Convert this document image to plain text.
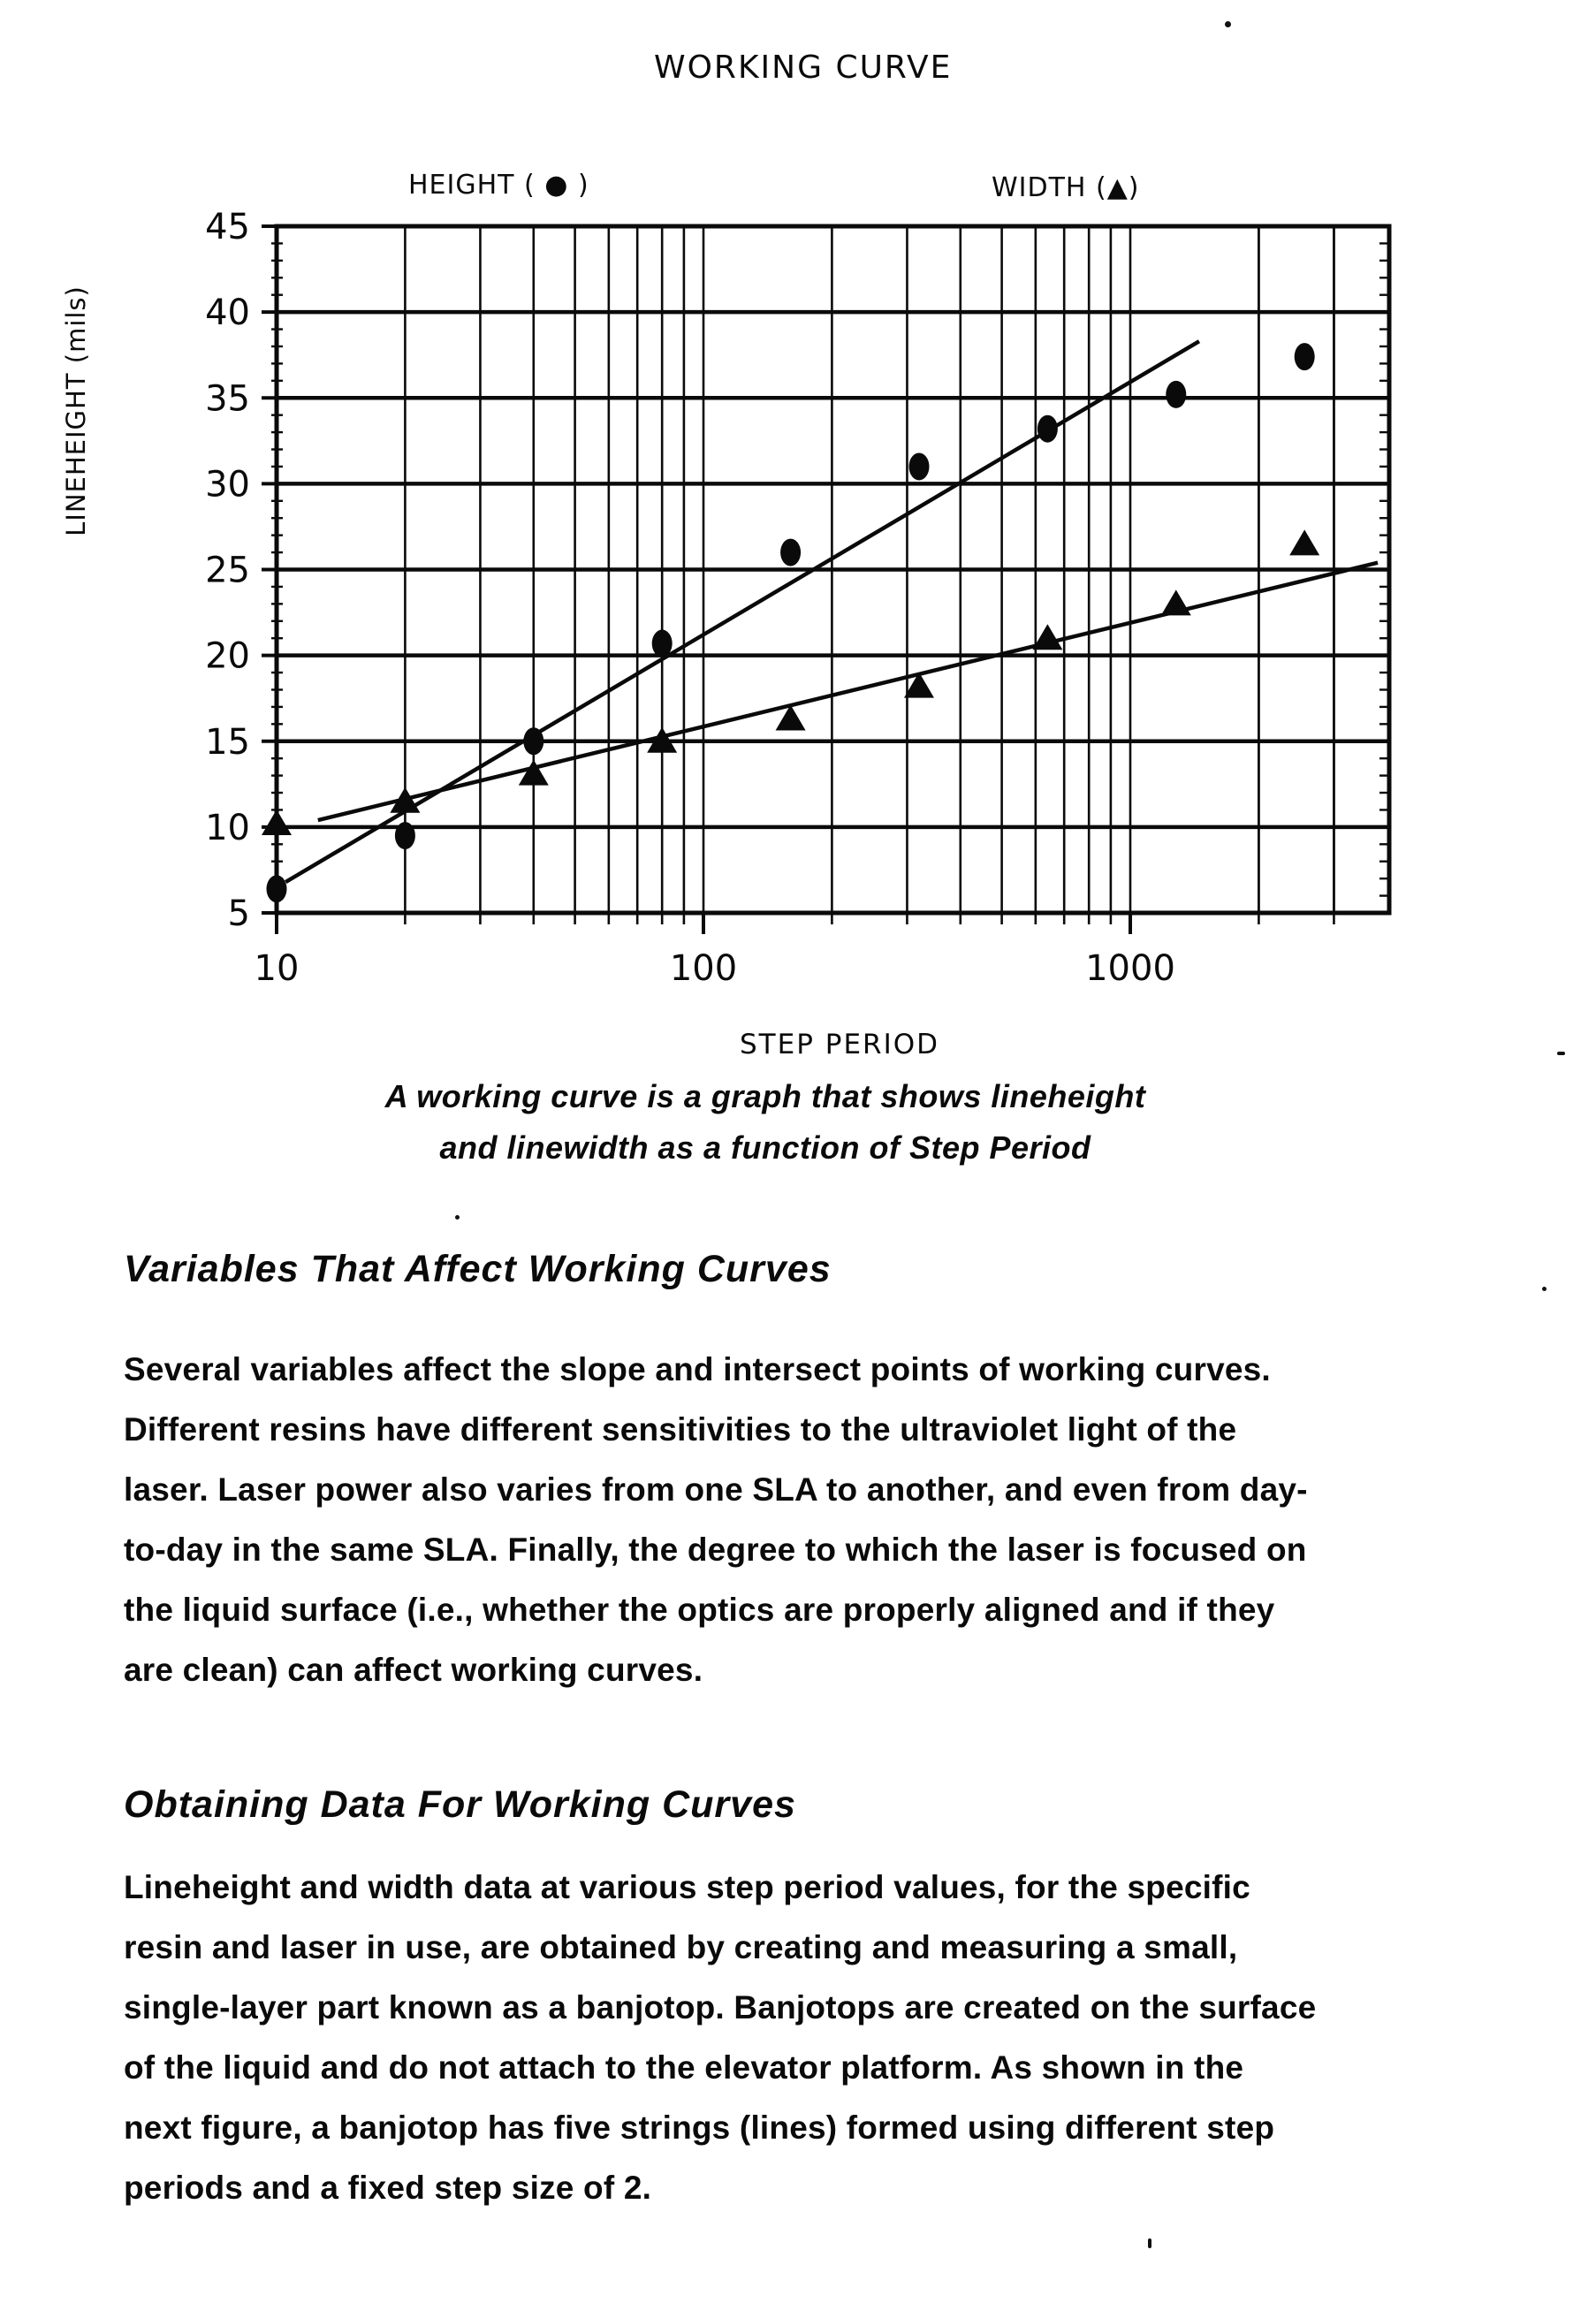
WORKING CURVE
45
40
35
30
25
20
15
10
5
10	100	1000
HEIGHT ( ● )	WIDTH (▲)
LINEHEIGHT (mils)
STEP PERIOD
A working curve is a graph that shows lineheight
and linewidth as a function of Step Period
Variables That Affect Working Curves
Several variables affect the slope and intersect points of working curves.
Different resins have different sensitivities to the ultraviolet light of the
laser. Laser power also varies from one SLA to another, and even from day-
to-day in the same SLA. Finally, the degree to which the laser is focused on
the liquid surface (i.e., whether the optics are properly aligned and if they
are clean) can affect working curves.
Obtaining Data For Working Curves
Lineheight and width data at various step period values, for the specific
resin and laser in use, are obtained by creating and measuring a small,
single-layer part known as a banjotop. Banjotops are created on the surface
of the liquid and do not attach to the elevator platform. As shown in the
next figure, a banjotop has five strings (lines) formed using different step
periods and a fixed step size of 2.
